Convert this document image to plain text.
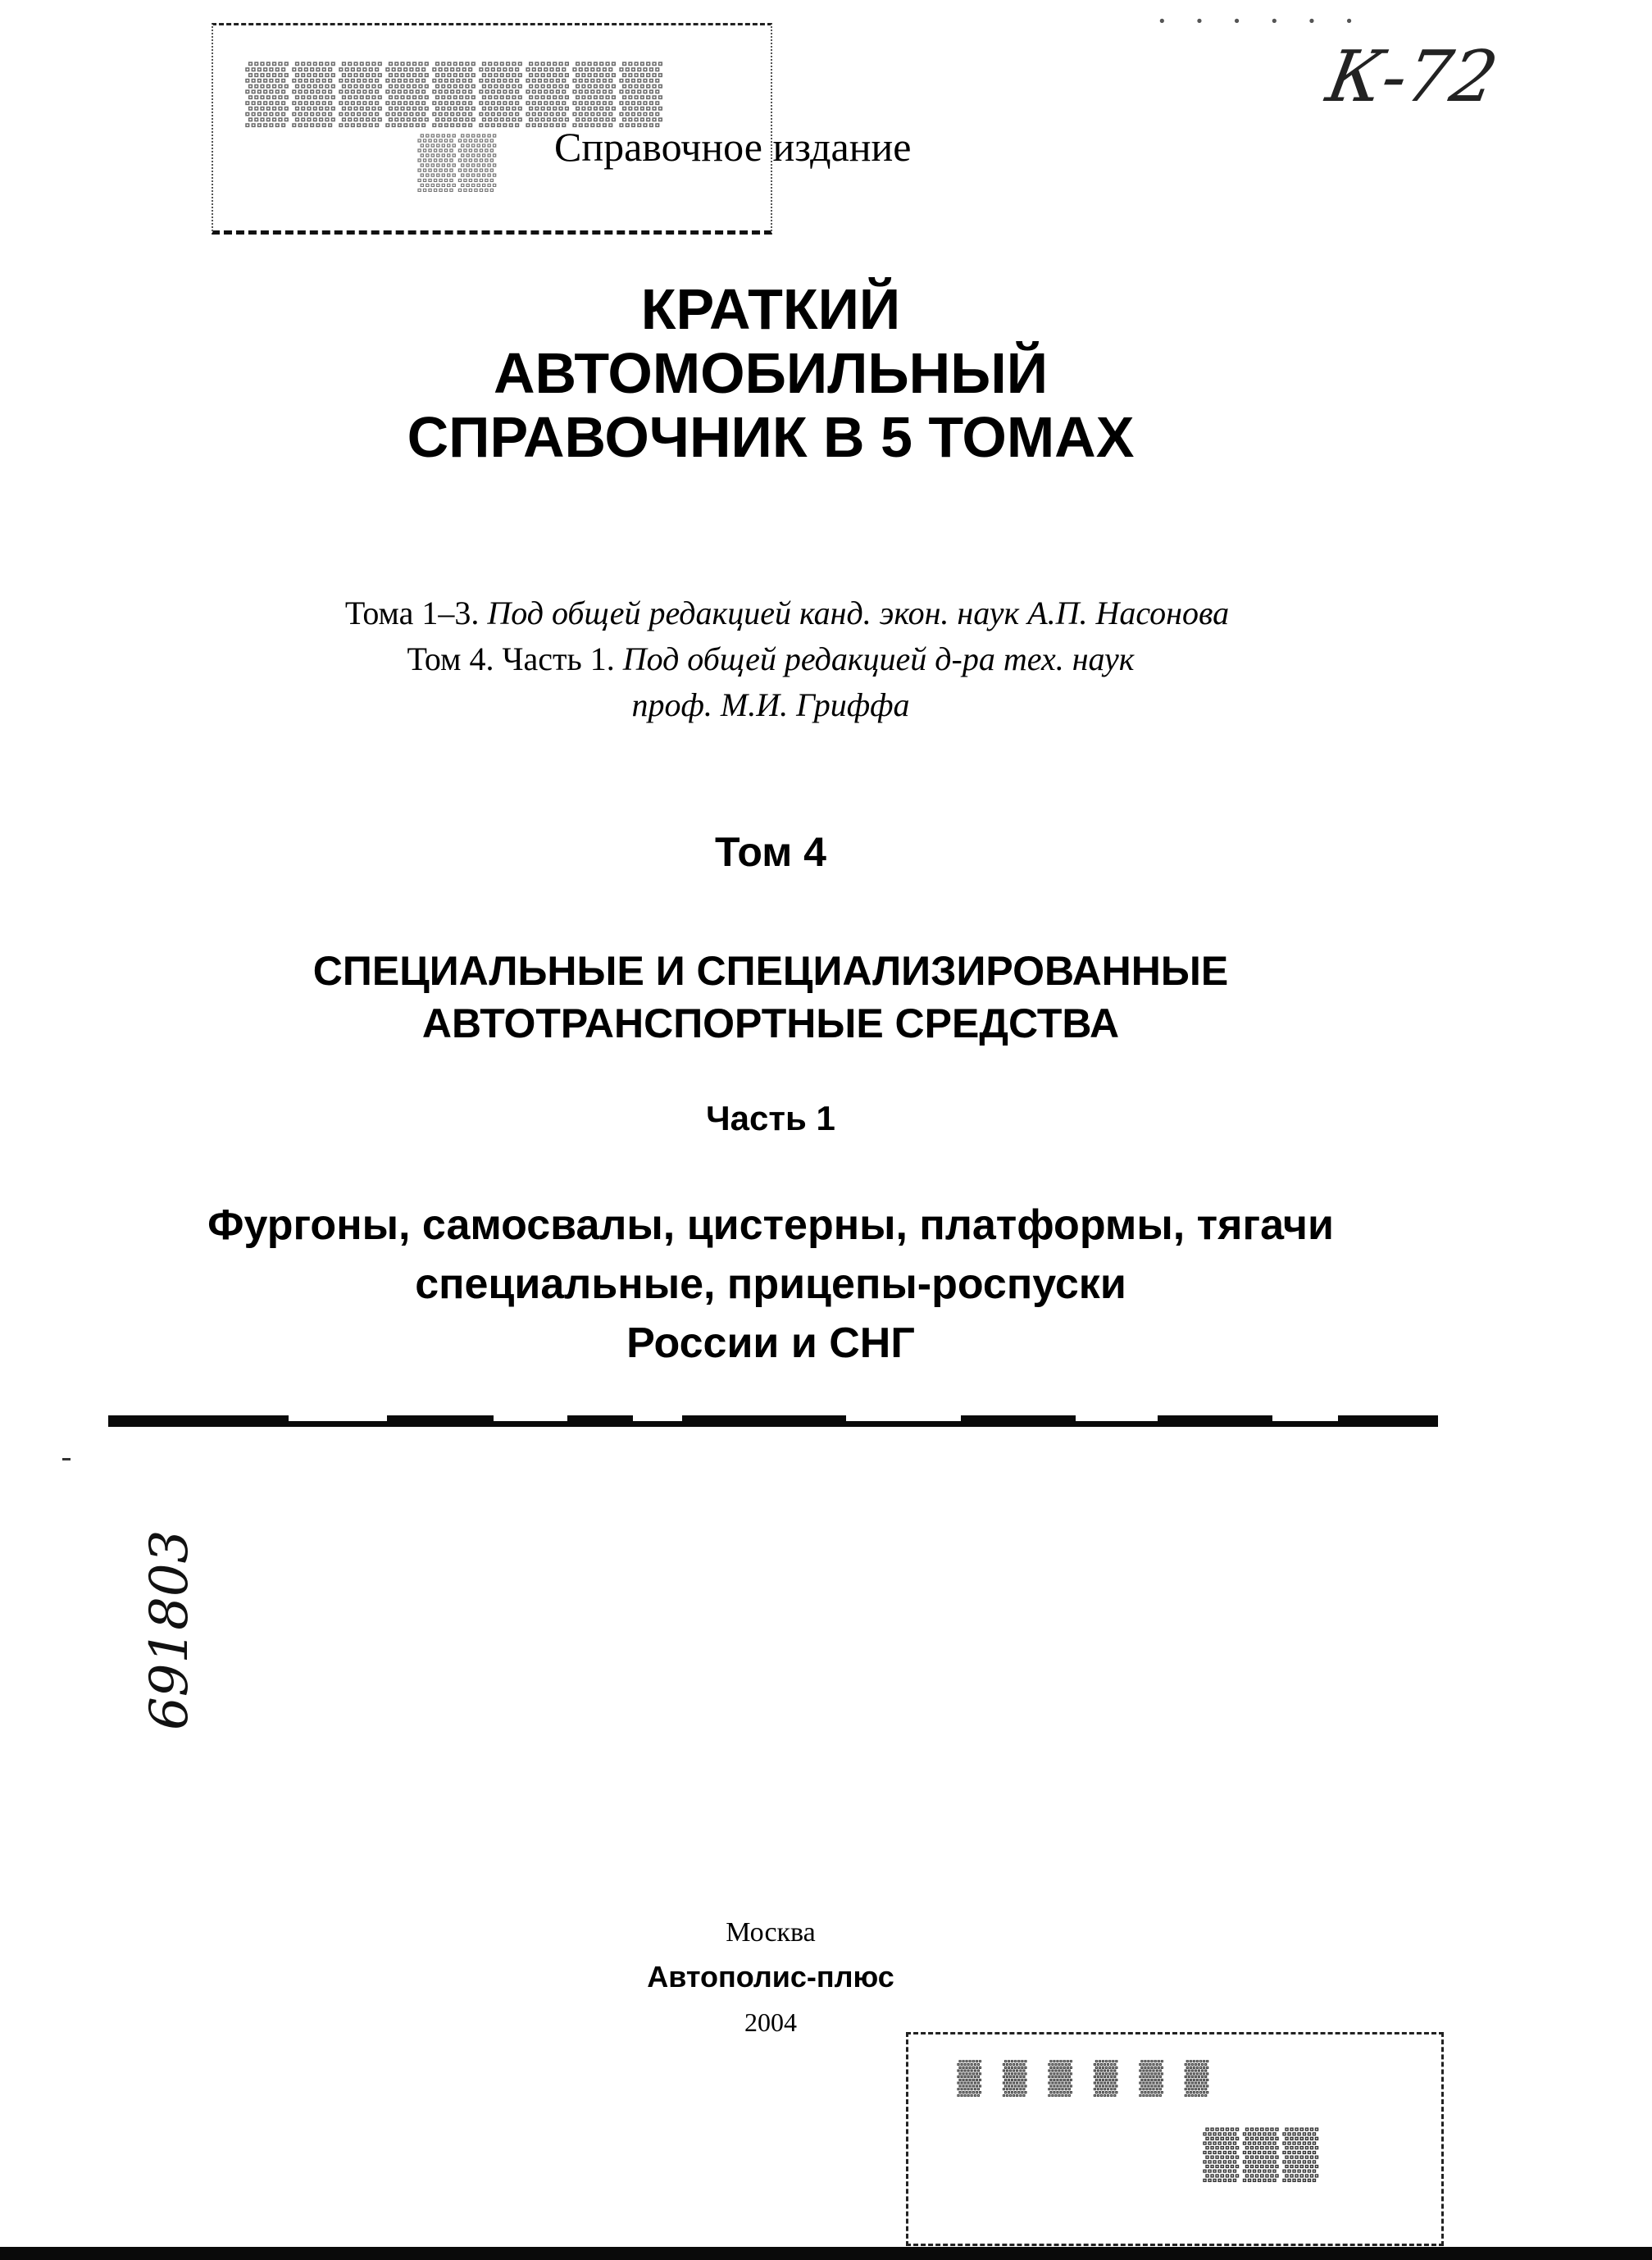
▒▒▒▒▒▒▒▒▒
▒▒ Справочное издание
· · · · · ·
К-72
КРАТКИЙ
АВТОМОБИЛЬНЫЙ
СПРАВОЧНИК В 5 ТОМАХ
Тома 1–3. Под общей редакцией канд. экон. наук А.П. Насонова
Том 4. Часть 1. Под общей редакцией д-ра тех. наук
проф. М.И. Гриффа
Том 4
СПЕЦИАЛЬНЫЕ И СПЕЦИАЛИЗИРОВАННЫЕ
АВТОТРАНСПОРТНЫЕ СРЕДСТВА
Часть 1
Фургоны, самосвалы, цистерны, платформы, тягачи
специальные, прицепы-роспуски
России и СНГ
691803
Москва
Автополис-плюс
2004
▒ ▒ ▒ ▒ ▒ ▒
▒▒▒
